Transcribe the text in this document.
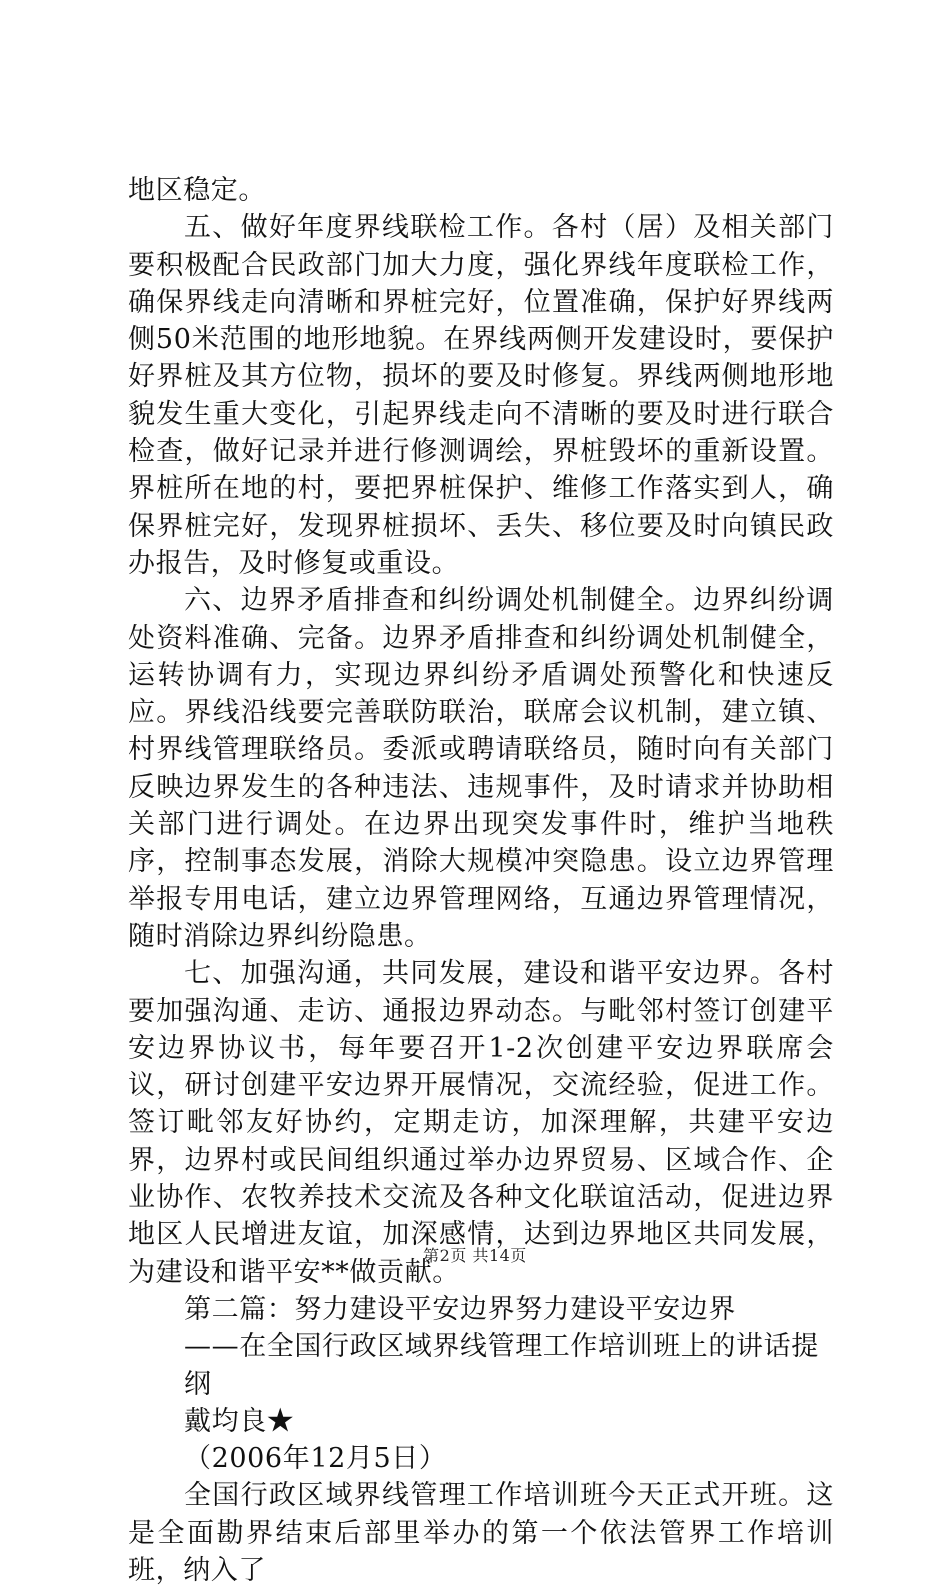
地区稳定。

五、做好年度界线联检工作。各村（居）及相关部门要积极配合民政部门加大力度，强化界线年度联检工作，确保界线走向清晰和界桩完好，位置准确，保护好界线两侧50米范围的地形地貌。在界线两侧开发建设时，要保护好界桩及其方位物，损坏的要及时修复。界线两侧地形地貌发生重大变化，引起界线走向不清晰的要及时进行联合检查，做好记录并进行修测调绘，界桩毁坏的重新设置。界桩所在地的村，要把界桩保护、维修工作落实到人，确保界桩完好，发现界桩损坏、丢失、移位要及时向镇民政办报告，及时修复或重设。

六、边界矛盾排查和纠纷调处机制健全。边界纠纷调处资料准确、完备。边界矛盾排查和纠纷调处机制健全，运转协调有力，实现边界纠纷矛盾调处预警化和快速反应。界线沿线要完善联防联治，联席会议机制，建立镇、村界线管理联络员。委派或聘请联络员，随时向有关部门反映边界发生的各种违法、违规事件，及时请求并协助相关部门进行调处。在边界出现突发事件时，维护当地秩序，控制事态发展，消除大规模冲突隐患。设立边界管理举报专用电话，建立边界管理网络，互通边界管理情况，随时消除边界纠纷隐患。

七、加强沟通，共同发展，建设和谐平安边界。各村要加强沟通、走访、通报边界动态。与毗邻村签订创建平安边界协议书，每年要召开1-2次创建平安边界联席会议，研讨创建平安边界开展情况，交流经验，促进工作。签订毗邻友好协约，定期走访，加深理解，共建平安边界，边界村或民间组织通过举办边界贸易、区域合作、企业协作、农牧养技术交流及各种文化联谊活动，促进边界地区人民增进友谊，加深感情，达到边界地区共同发展，为建设和谐平安**做贡献。

第二篇：努力建设平安边界努力建设平安边界

——在全国行政区域界线管理工作培训班上的讲话提纲

戴均良★

（2006年12月5日）

全国行政区域界线管理工作培训班今天正式开班。这是全面勘界结束后部里举办的第一个依法管界工作培训班，纳入了

第2页 共14页
